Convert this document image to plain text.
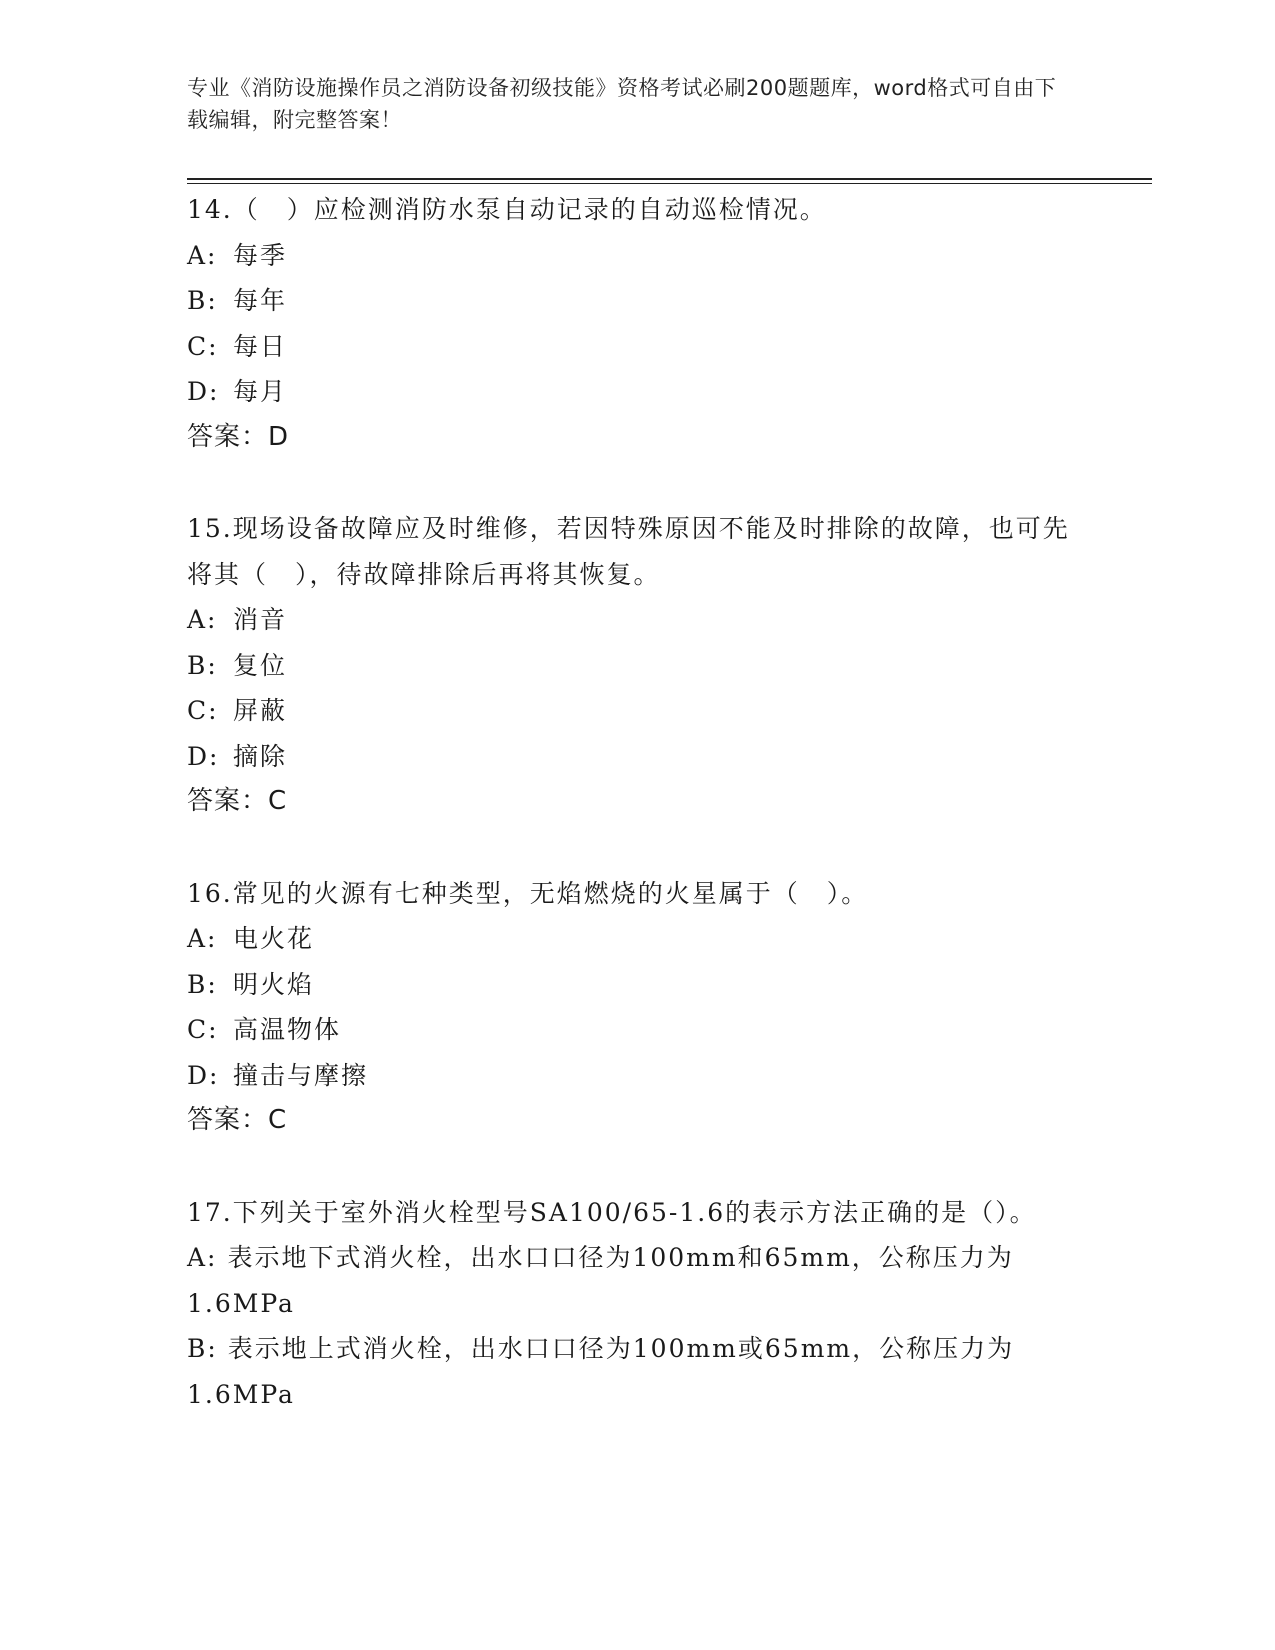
专业《消防设施操作员之消防设备初级技能》资格考试必刷200题题库，word格式可自由下载编辑，附完整答案！
14.（　）应检测消防水泵自动记录的自动巡检情况。
A: 每季
B: 每年
C: 每日
D: 每月
答案：D
15.现场设备故障应及时维修，若因特殊原因不能及时排除的故障，也可先将其（　），待故障排除后再将其恢复。
A: 消音
B: 复位
C: 屏蔽
D: 摘除
答案：C
16.常见的火源有七种类型，无焰燃烧的火星属于（　）。
A: 电火花
B: 明火焰
C: 高温物体
D: 撞击与摩擦
答案：C
17.下列关于室外消火栓型号SA100/65-1.6的表示方法正确的是（）。
A: 表示地下式消火栓，出水口口径为100mm和65mm，公称压力为1.6MPa
B: 表示地上式消火栓，出水口口径为100mm或65mm，公称压力为1.6MPa
